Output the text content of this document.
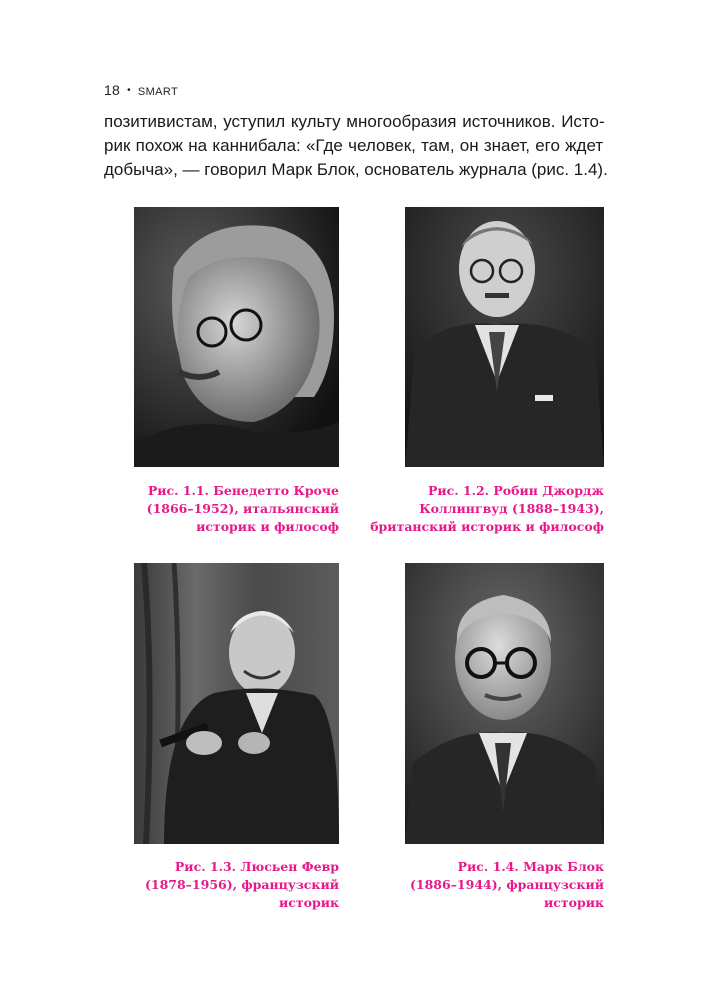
18 • SMART
позитивистам, уступил культу многообразия источников. Исто-
рик похож на каннибала: «Где человек, там, он знает, его ждет
добыча», — говорил Марк Блок, основатель журнала (рис. 1.4).
Рис. 1.1. Бенедетто Кроче
(1866–1952), итальянский
историк и философ
Рис. 1.2. Робин Джордж
Коллингвуд (1888–1943),
британский историк и философ
Рис. 1.3. Люсьен Февр
(1878–1956), французский
историк
Рис. 1.4. Марк Блок
(1886–1944), французский
историк
